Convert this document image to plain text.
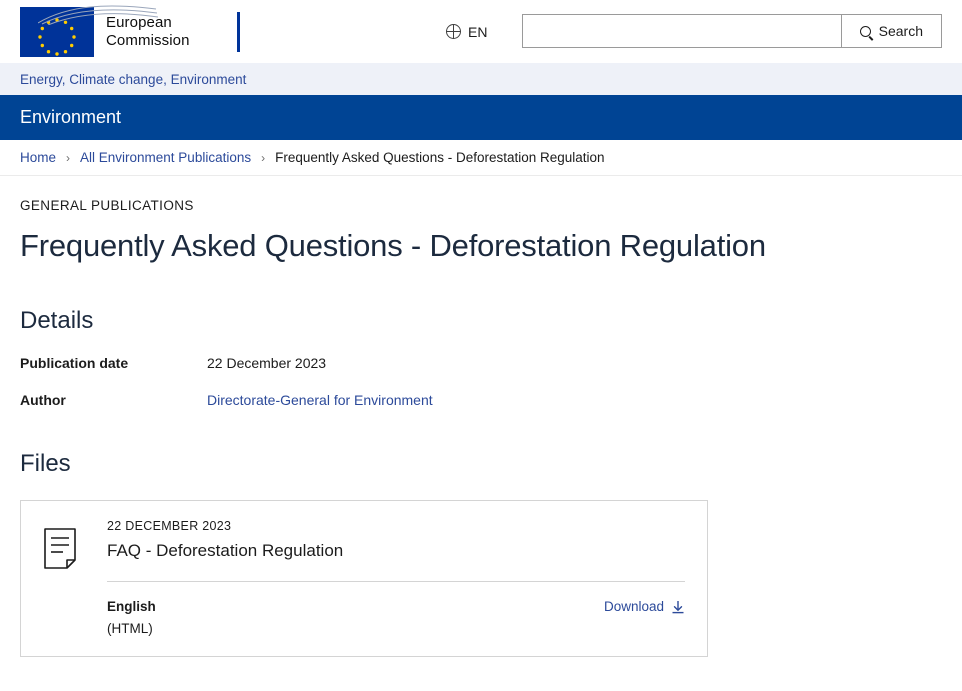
European
Commission	EN	Search
Energy, Climate change, Environment
Environment
Home › All Environment Publications › Frequently Asked Questions - Deforestation Regulation
GENERAL PUBLICATIONS
Frequently Asked Questions - Deforestation Regulation
Details
Publication date	22 December 2023
Author	Directorate-General for Environment
Files
22 DECEMBER 2023
FAQ - Deforestation Regulation
English
(HTML)
Download
